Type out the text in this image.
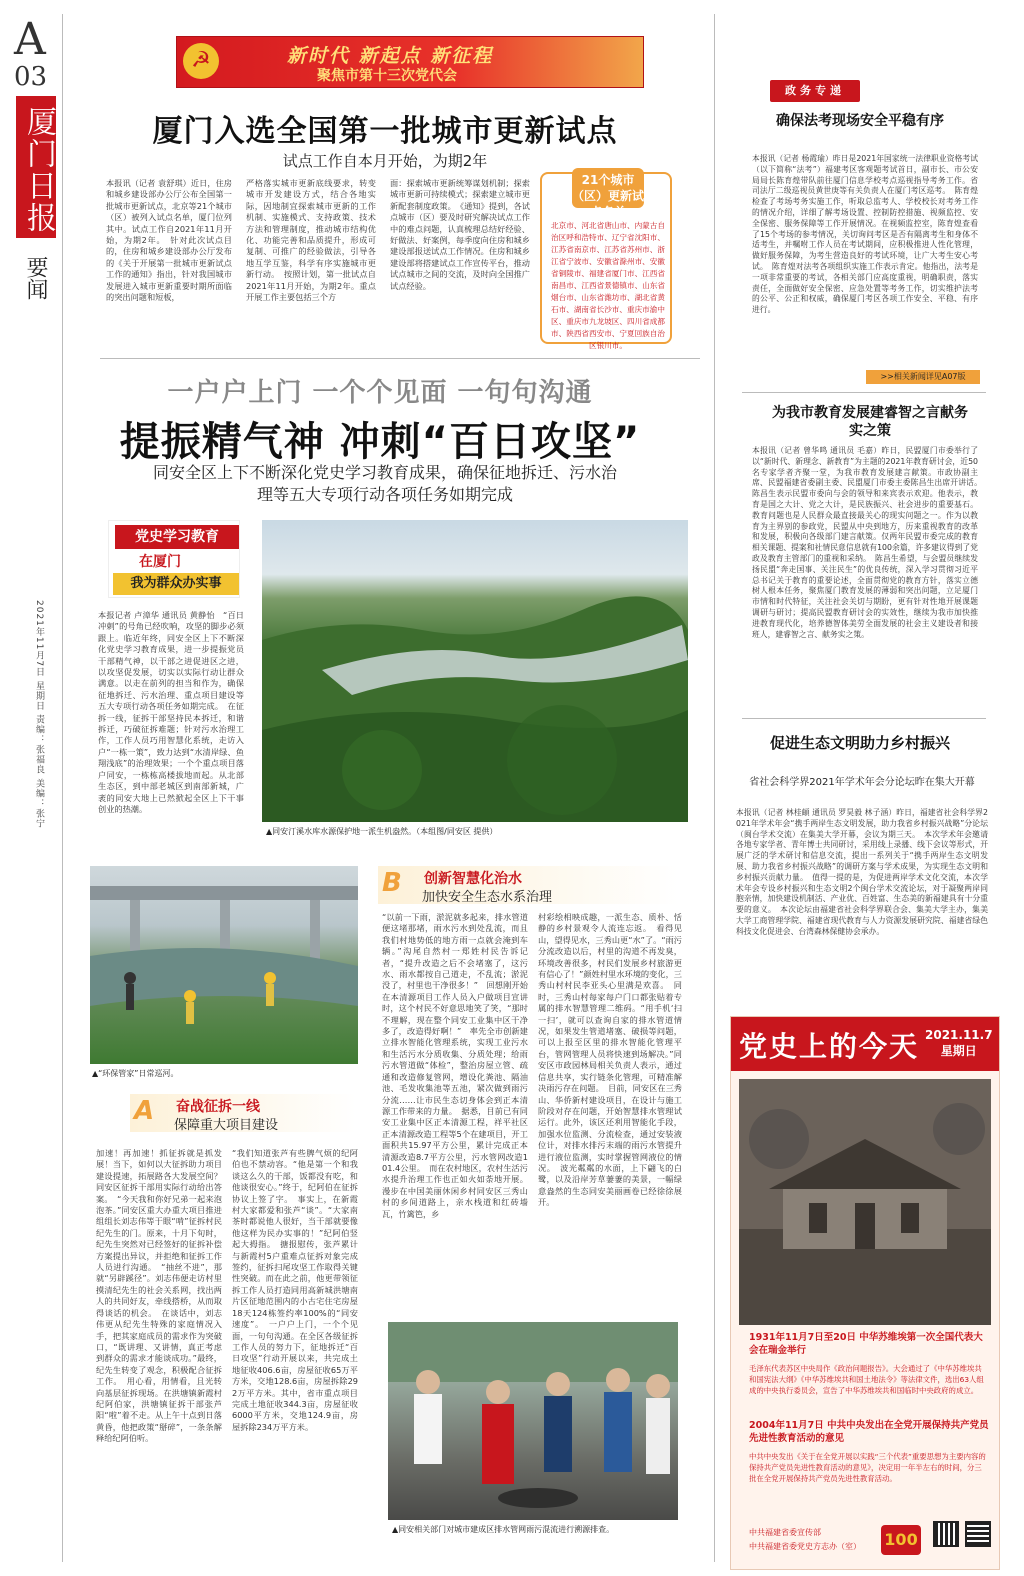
A
03
厦门日报
要闻
2021年11月7日 星期日 责编：张福良 美编：张宁
☭	新时代 新起点 新征程
聚焦市第十三次党代会
厦门入选全国第一批城市更新试点
试点工作自本月开始，为期2年
本报讯（记者 袁舒琪）近日，住房和城乡建设部办公厅公布全国第一批城市更新试点，北京等21个城市（区）被列入试点名单，厦门位列其中。试点工作自2021年11月开始，为期2年。　针对此次试点目的，住房和城乡建设部办公厅发布的《关于开展第一批城市更新试点工作的通知》指出，针对我国城市发展进入城市更新重要时期所面临的突出问题和短板，
严格落实城市更新底线要求，转变城市开发建设方式，结合各地实际，因地制宜探索城市更新的工作机制、实施模式、支持政策、技术方法和管理制度，推动城市结构优化、功能完善和品质提升，形成可复制、可推广的经验做法，引导各地互学互鉴，科学有序实施城市更新行动。　按照计划，第一批试点自2021年11月开始，为期2年。重点开展工作主要包括三个方
面：探索城市更新统筹谋划机制；探索城市更新可持续模式；探索建立城市更新配套制度政策。　《通知》提到，各试点城市（区）要及时研究解决试点工作中的难点问题，认真梳理总结好经验、好做法、好案例，每季度向住房和城乡建设部报送试点工作情况。住房和城乡建设部将搭建试点工作宣传平台，推动试点城市之间的交流，及时向全国推广试点经验。
21个城市（区）更新试点名单
北京市、河北省唐山市、内蒙古自治区呼和浩特市、辽宁省沈阳市、江苏省南京市、江苏省苏州市、浙江省宁波市、安徽省滁州市、安徽省铜陵市、福建省厦门市、江西省南昌市、江西省景德镇市、山东省烟台市、山东省潍坊市、湖北省黄石市、湖南省长沙市、重庆市渝中区、重庆市九龙坡区、四川省成都市、陕西省西安市、宁夏回族自治区银川市。
一户户上门 一个个见面 一句句沟通
提振精气神 冲刺“百日攻坚”
同安全区上下不断深化党史学习教育成果，确保征地拆迁、污水治理等五大专项行动各项任务如期完成
党史学习教育
在厦门
我为群众办实事
本报记者 卢漳华 通讯员 黄静怡　“百日冲刺”的号角已经吹响，攻坚的脚步必须跟上。临近年终，同安全区上下不断深化党史学习教育成果，进一步提振党员干部精气神，以干部之进促进区之进，以攻坚促发展，切实以实际行动让群众满意。以走在前列的担当和作为，确保征地拆迁、污水治理、重点项目建设等五大专项行动各项任务如期完成。　在征拆一线，征拆干部坚持民本拆迁，和谐拆迁，巧破征拆难题；针对污水治理工作，工作人员巧用智慧化系统，走访入户“一栋一策”，致力达到“水清岸绿、鱼翔浅底”的治理效果；一个个重点项目落户同安，一栋栋高楼拔地而起。从北部生态区，到中部老城区到南部新城，广袤的同安大地上已然掀起全区上下干事创业的热潮。
▲同安汀溪水库水源保护地一派生机盎然。（本组图/同安区 提供）
▲“环保管家”日常巡河。
B 创新智慧化治水
加快安全生态水系治理
A 奋战征拆一线
保障重大项目建设
加速！再加速！抓征拆就是抓发展！当下，如何以大征拆助力项目建设提速，拓展路各大发展空间？同安区征拆干部用实际行动给出答案。　“今天我和你好兄弟一起来泡泡茶。”同安区重大办重大项目推进组组长刘志伟等于眼“啃”征拆村民纪先生的门。原来，十月下旬时，纪先生突然对已经签好的征拆补偿方案提出异议，并拒绝和征拆工作人员进行沟通。　“抽丝不进”，那就“另辟蹊径”。刘志伟便走访村里摸清纪先生的社会关系网，找出两人的共同好友，牵线搭桥，从而取得谈话的机会。　在谈话中，刘志伟更从纪先生特殊的家庭情况入手，把其家庭成员的需求作为突破口，“既讲理、又讲情，真正考虑到群众的需求才能谈成功。”最终，纪先生转变了观念，积极配合征拆工作。　用心看，用情看，且光转向基层征拆现场。在洪塘镇新霞村纪阿伯家，洪塘镇征拆干部张芦阳“啦”着不走。从上午十点到日落黄昏，他把政策“掰碎”，一条条解释给纪阿伯听。
“我们知道张芦有些脾气烦的纪阿伯也不禁动容。“他是第一个和我谈这么久的干部，饭都没有吃，和他谈很安心。”终于，纪阿伯在征拆协议上签了字。　事实上，在新霞村大家都爱和张芦“谈”。“大家南茶时都说他人很好，当干部就要像他这样为民办实事的！”纪阿伯竖起大拇指。　搪报慰传，张芦累计与新霞村5户重难点征拆对象完成签约，征拆扫尾攻坚工作取得关键性突破。而在此之前，他更带领征拆工作人员打造同用高新城洪塘南片区征地范围内的小古宅住宅房屋18天124栋签约率100%的“同安速度”。　一户户上门，一个个见面，一句句沟通。在全区各级征拆工作人员的努力下，征地拆迁“百日攻坚”行动开展以来，共完成土地征收406.6亩，房屋征收65万平方米，交地128.6亩，房屋拆除292万平方米。其中，省市重点项目完成土地征收344.3亩，房屋征收6000平方米，交地124.9亩，房屋拆除234万平方米。
“以前一下雨，淤泥就多起来，排水管道便这堵那堵，雨水污水到处乱流，而且我们村地势低的地方雨一点就会淹到车辆。”沟尾自然村一郑姓村民告诉记者，“提升改造之后不会堵塞了，这污水、雨水都按自己道走，不乱流；淤泥没了，村里也干净很多！”　回想刚开始在本清源项目工作人员入户做项目宣讲时，这个村民不好意思地笑了笑，“那时不理解，现在整个同安工业集中区干净多了，改造得好啊！”　率先全市创新建立排水智能化管理系统，实现工业污水和生活污水分质收集、分质处理；给雨污水管道做“体检”，整治房屋立管、疏通和改造修复管网，增设化粪池、隔油池、毛发收集池等五池，紧次做到雨污分流……让市民生态切身体会到正本清源工作带来的力量。　据悉，目前已有同安工业集中区正本清源工程，祥平社区正本清源改造工程等5个在建项目，开工面积共15.97平方公里，累计完成正本清源改造8.7平方公里，污水管网改造101.4公里。　而在农村地区，农村生活污水提升治理工作也正如火如荼地开展。漫步在中国美丽休闲乡村同安区三秀山村的乡间道路上，亲水栈道和红砖墙瓦，竹篱笆，乡
村彩绘相映成趣，一派生态、质朴、恬静的乡村景观令人流连忘返。　看得见山，望得见水，三秀山更“水”了。“雨污分流改造以后，村里的沟道不再发臭，环境改善很多，村民们发展乡村旅游更有信心了！”颜姓村里水环境的变化，三秀山村村民李亚头心里满是欢喜。　同时，三秀山村每家每户门口都张贴着专属的排水智慧管理二维码。“用手机‘扫一扫’，就可以查询自家的排水管道情况，如果发生管道堵塞、破损等问题，可以上报至区里的排水智能化管理平台，管网管理人员将快速到场解决。”同安区市政园林局相关负责人表示，通过信息共享，实行链条化管理，可精准解决雨污存在问题。　目前，同安区在三秀山、华侨新村建设项目，在设计与施工阶段对存在问题，开始智慧排水管理试运行。此外，该区还利用智能化手段，加强水位监测、分流检查，通过安装液位计，对排水排污末端的雨污水管提升进行液位监测，实时掌握管网液位的情况。　波光粼粼的水面，上下翩飞的白鹭，以及沿岸芳草萋萋的美景，一幅绿意盎然的生态同安美丽画卷已经徐徐展开。
▲同安相关部门对城市建成区排水管网雨污混流进行溯源排查。
政务专递
确保法考现场安全平稳有序
本报讯（记者 杨霞瑜）昨日是2021年国家统一法律职业资格考试（以下简称“法考”）福建考区客观题考试首日，副市长、市公安局局长陈育煌带队前往厦门信息学校考点巡视指导考务工作。省司法厅二级巡视员黄世庚等有关负责人在厦门考区巡考。　陈育煌检查了考场考务实施工作，听取总监考人、学校校长对考务工作的情况介绍，详细了解考场设置、控制防控措施、视频监控、安全保密、服务保障等工作开展情况。在视频监控室，陈育煌查看了15个考场的参考情况，关切询问考区是否有隔离考生和身体不适考生，并嘱咐工作人员在考试期间，应积极推进人性化管理，做好服务保障，为考生营造良好的考试环境，让广大考生安心考试。　陈育煌对法考各项组织实施工作表示肯定。他指出，法考是一项非常重要的考试，各相关部门应高度重视，明确职责，落实责任，全面做好安全保密、应急处置等考务工作，切实维护法考的公平、公正和权威，确保厦门考区各项工作安全、平稳、有序进行。
>>相关新闻详见A07版
为我市教育发展建睿智之言献务实之策
本报讯（记者 曾华鸣 通讯员 毛嘉）昨日，民盟厦门市委举行了以“新时代、新理念、新教育”为主题的2021年教育研讨会，近50名专家学者齐聚一堂，为我市教育发展建言献策。市政协副主席、民盟福建省委副主委、民盟厦门市委主委陈昌生出席开讲话。　陈昌生表示民盟市委向与会的领导和来宾表示欢迎。他表示，教育是国之大计、党之大计，是民族振兴、社会进步的重要基石。教育问题也是人民群众最直接最关心的现实问题之一。作为以教育为主界别的参政党，民盟从中央到地方，历来重视教育的改革和发展，积极向各级部门建言献策。仅两年民盟市委完成的教育相关课题、提案和社情民意信息就有100余篇，许多建议得到了党政及教育主管部门的重视和采纳。　陈昌生希望，与会盟员继续发扬民盟“奔走国事、关注民生”的优良传统，深入学习贯彻习近平总书记关于教育的重要论述，全面贯彻党的教育方针，落实立德树人根本任务，聚焦厦门教育发展的薄弱和突出问题，立足厦门市情和时代特征，关注社会关切与期盼，更有针对性地开展课题调研与研讨；提高民盟教育研讨会的实效性，继续为我市加快推进教育现代化，培养德智体美劳全面发展的社会主义建设者和接班人，建睿智之言、献务实之策。
促进生态文明助力乡村振兴
省社会科学界2021年学术年会分论坛昨在集大开幕
本报讯（记者 林桂頔 通讯员 罗昊毅 林子涵）昨日，福建省社会科学界2021年学术年会“携手两岸生态文明发展，助力我省乡村振兴战略”分论坛（闽台学术交流）在集美大学开幕，会议为期三天。　本次学术年会邀请各地专家学者、青年博士共同研讨，采用线上录播、线下会议等形式，开展广泛的学术研讨和信息交流，提出一系列关于“携手两岸生态文明发展、助力我省乡村振兴战略”的调研方案与学术成果，为实现生态文明和乡村振兴贡献力量。　值得一提的是，为促进两岸学术文化交流，本次学术年会专设乡村振兴和生态文明2个闽台学术交流论坛，对于凝聚两岸同胞亲情，加快建设机制活、产业优、百姓富、生态美的新福建具有十分重要的意义。　本次论坛由福建省社会科学界联合会、集美大学主办，集美大学工商管理学院、福建省现代教育与人力资源发展研究院、福建省绿色科技文化促进会、台湾森林保健协会承办。
党史上的今天 2021.11.7
星期日
1931年11月7日至20日 中华苏维埃第一次全国代表大会在瑞金举行
毛泽东代表苏区中央局作《政治问题报告》。大会通过了《中华苏维埃共和国宪法大纲》《中华苏维埃共和国土地法令》等法律文件，选出63人组成的中央执行委员会，宣告了中华苏维埃共和国临时中央政府的成立。
2004年11月7日 中共中央发出在全党开展保持共产党员先进性教育活动的意见
中共中央发出《关于在全党开展以实践“三个代表”重要思想为主要内容的保持共产党员先进性教育活动的意见》，决定用一年半左右的时间，分三批在全党开展保持共产党员先进性教育活动。
中共福建省委宣传部
中共福建省委党史方志办（室） 100
